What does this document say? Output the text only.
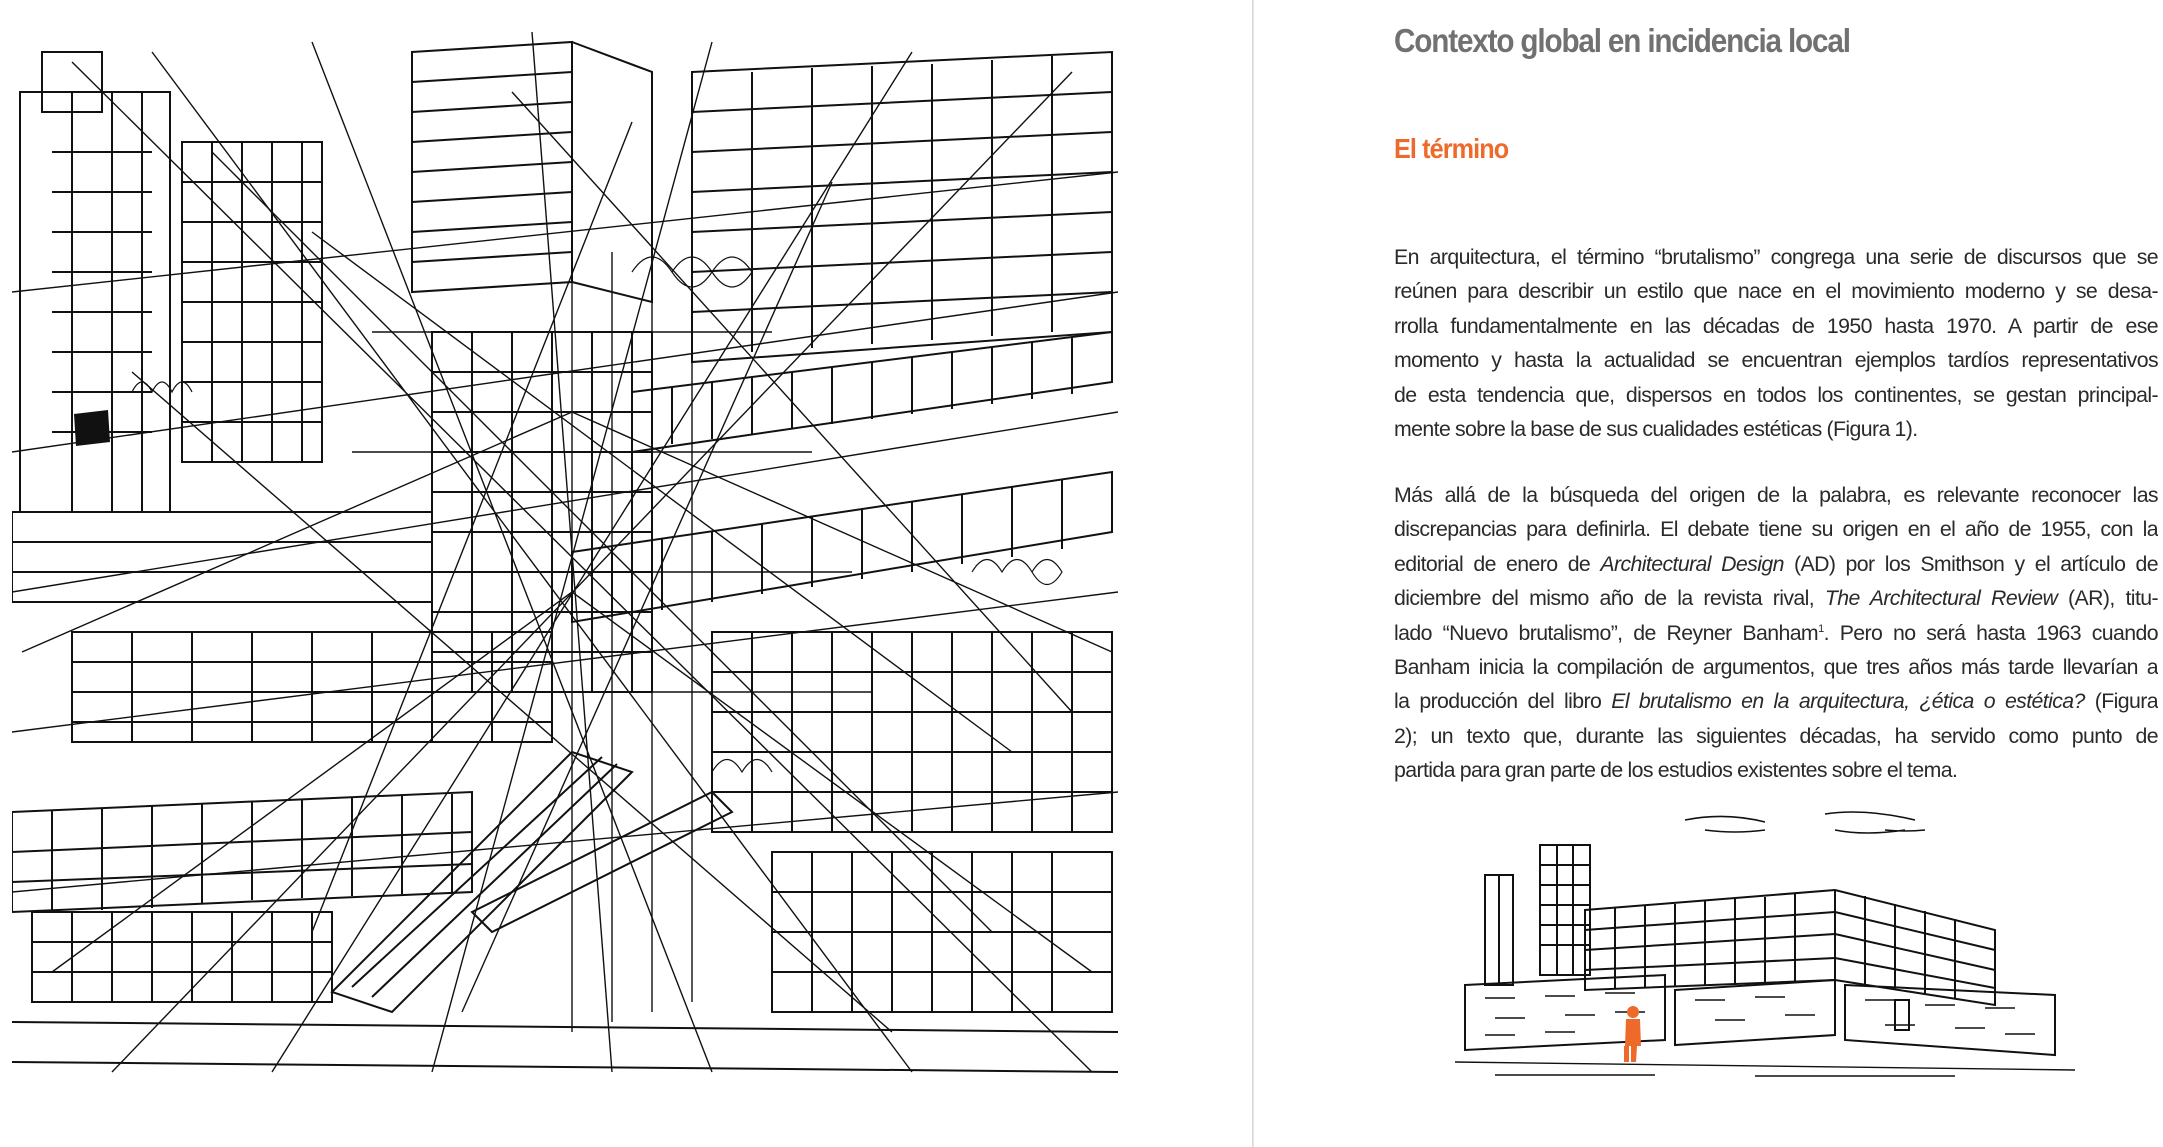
Contexto global en incidencia local
El término

En arquitectura, el término “brutalismo” congrega una serie de discursos que se
reúnen para describir un estilo que nace en el movimiento moderno y se desa-
rrolla fundamentalmente en las décadas de 1950 hasta 1970. A partir de ese
momento y hasta la actualidad se encuentran ejemplos tardíos representativos
de esta tendencia que, dispersos en todos los continentes, se gestan principal-
mente sobre la base de sus cualidades estéticas (Figura 1).

Más allá de la búsqueda del origen de la palabra, es relevante reconocer las
discrepancias para definirla. El debate tiene su origen en el año de 1955, con la
editorial de enero de Architectural Design (AD) por los Smithson y el artículo de
diciembre del mismo año de la revista rival, The Architectural Review (AR), titu-
lado “Nuevo brutalismo”, de Reyner Banham$^1$. Pero no será hasta 1963 cuando
Banham inicia la compilación de argumentos, que tres años más tarde llevarían a
la producción del libro El brutalismo en la arquitectura, ¿ética o estética? (Figura
2); un texto que, durante las siguientes décadas, ha servido como punto de
partida para gran parte de los estudios existentes sobre el tema.
